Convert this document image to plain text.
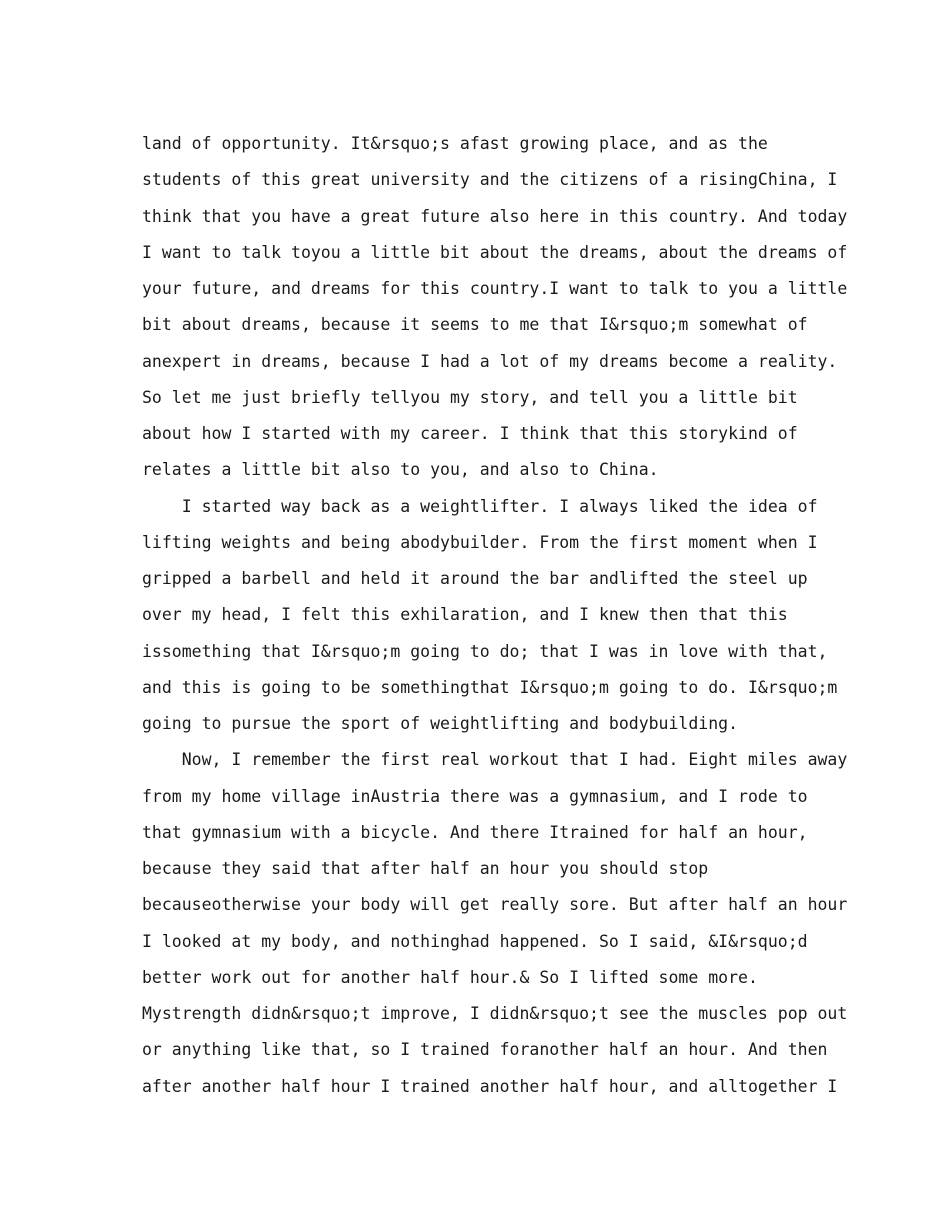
land of opportunity. It&rsquo;s afast growing place, and as the
students of this great university and the citizens of a risingChina, I
think that you have a great future also here in this country. And today
I want to talk toyou a little bit about the dreams, about the dreams of
your future, and dreams for this country.I want to talk to you a little
bit about dreams, because it seems to me that I&rsquo;m somewhat of
anexpert in dreams, because I had a lot of my dreams become a reality.
So let me just briefly tellyou my story, and tell you a little bit
about how I started with my career. I think that this storykind of
relates a little bit also to you, and also to China.
I started way back as a weightlifter. I always liked the idea of
lifting weights and being abodybuilder. From the first moment when I
gripped a barbell and held it around the bar andlifted the steel up
over my head, I felt this exhilaration, and I knew then that this
issomething that I&rsquo;m going to do; that I was in love with that,
and this is going to be somethingthat I&rsquo;m going to do. I&rsquo;m
going to pursue the sport of weightlifting and bodybuilding.
Now, I remember the first real workout that I had. Eight miles away
from my home village inAustria there was a gymnasium, and I rode to
that gymnasium with a bicycle. And there Itrained for half an hour,
because they said that after half an hour you should stop
becauseotherwise your body will get really sore. But after half an hour
I looked at my body, and nothinghad happened. So I said, &I&rsquo;d
better work out for another half hour.& So I lifted some more.
Mystrength didn&rsquo;t improve, I didn&rsquo;t see the muscles pop out
or anything like that, so I trained foranother half an hour. And then
after another half hour I trained another half hour, and alltogether I
